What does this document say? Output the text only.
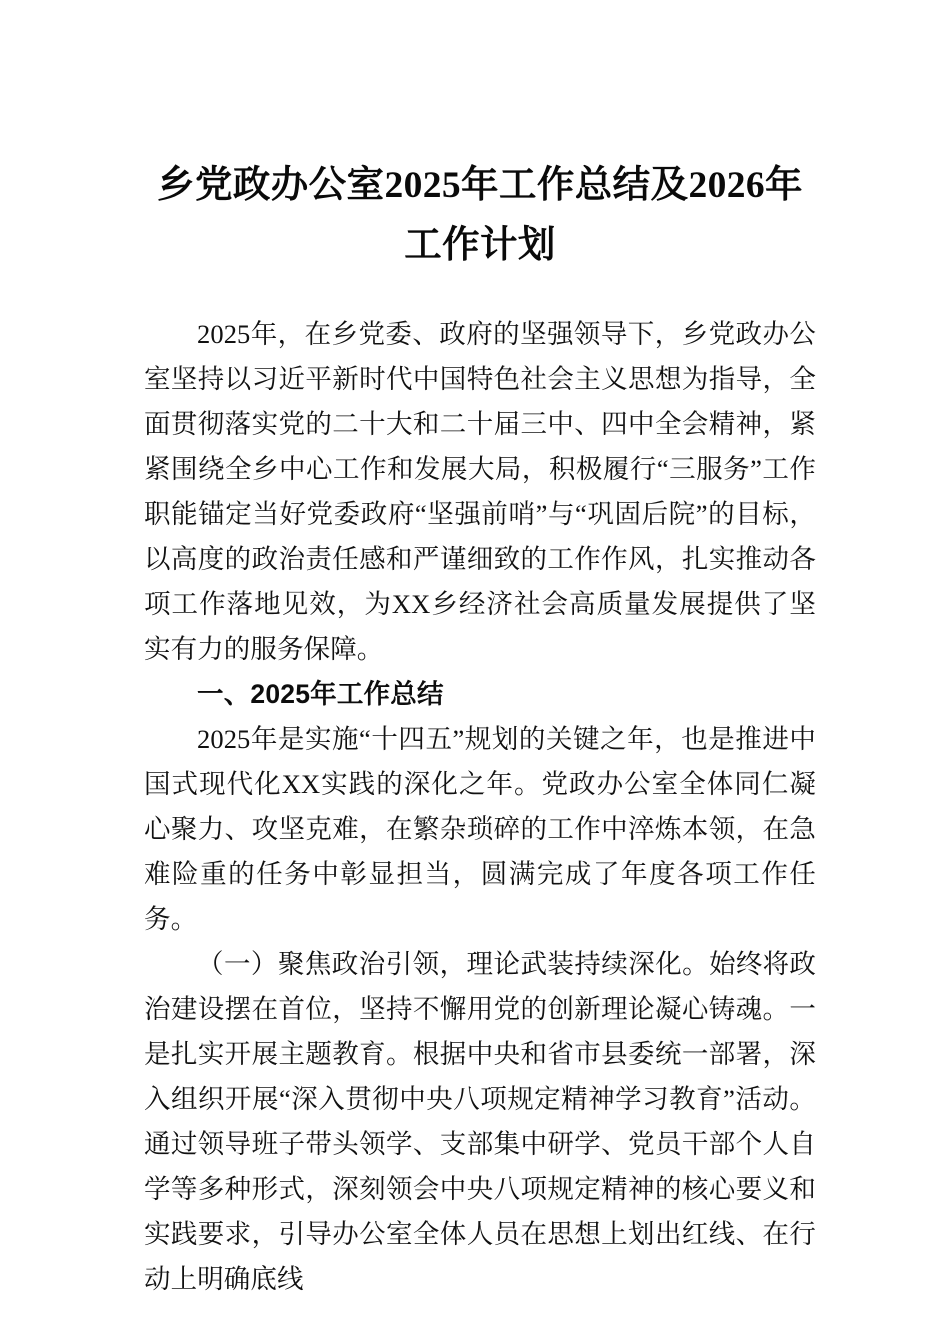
乡党政办公室2025年工作总结及2026年工作计划

2025年，在乡党委、政府的坚强领导下，乡党政办公室坚持以习近平新时代中国特色社会主义思想为指导，全面贯彻落实党的二十大和二十届三中、四中全会精神，紧紧围绕全乡中心工作和发展大局，积极履行“三服务”工作职能锚定当好党委政府“坚强前哨”与“巩固后院”的目标，以高度的政治责任感和严谨细致的工作作风，扎实推动各项工作落地见效，为XX乡经济社会高质量发展提供了坚实有力的服务保障。

一、2025年工作总结

2025年是实施“十四五”规划的关键之年，也是推进中国式现代化XX实践的深化之年。党政办公室全体同仁凝心聚力、攻坚克难，在繁杂琐碎的工作中淬炼本领，在急难险重的任务中彰显担当，圆满完成了年度各项工作任务。

（一）聚焦政治引领，理论武装持续深化。始终将政治建设摆在首位，坚持不懈用党的创新理论凝心铸魂。一是扎实开展主题教育。根据中央和省市县委统一部署，深入组织开展“深入贯彻中央八项规定精神学习教育”活动。通过领导班子带头领学、支部集中研学、党员干部个人自学等多种形式，深刻领会中央八项规定精神的核心要义和实践要求，引导办公室全体人员在思想上划出红线、在行动上明确底线
